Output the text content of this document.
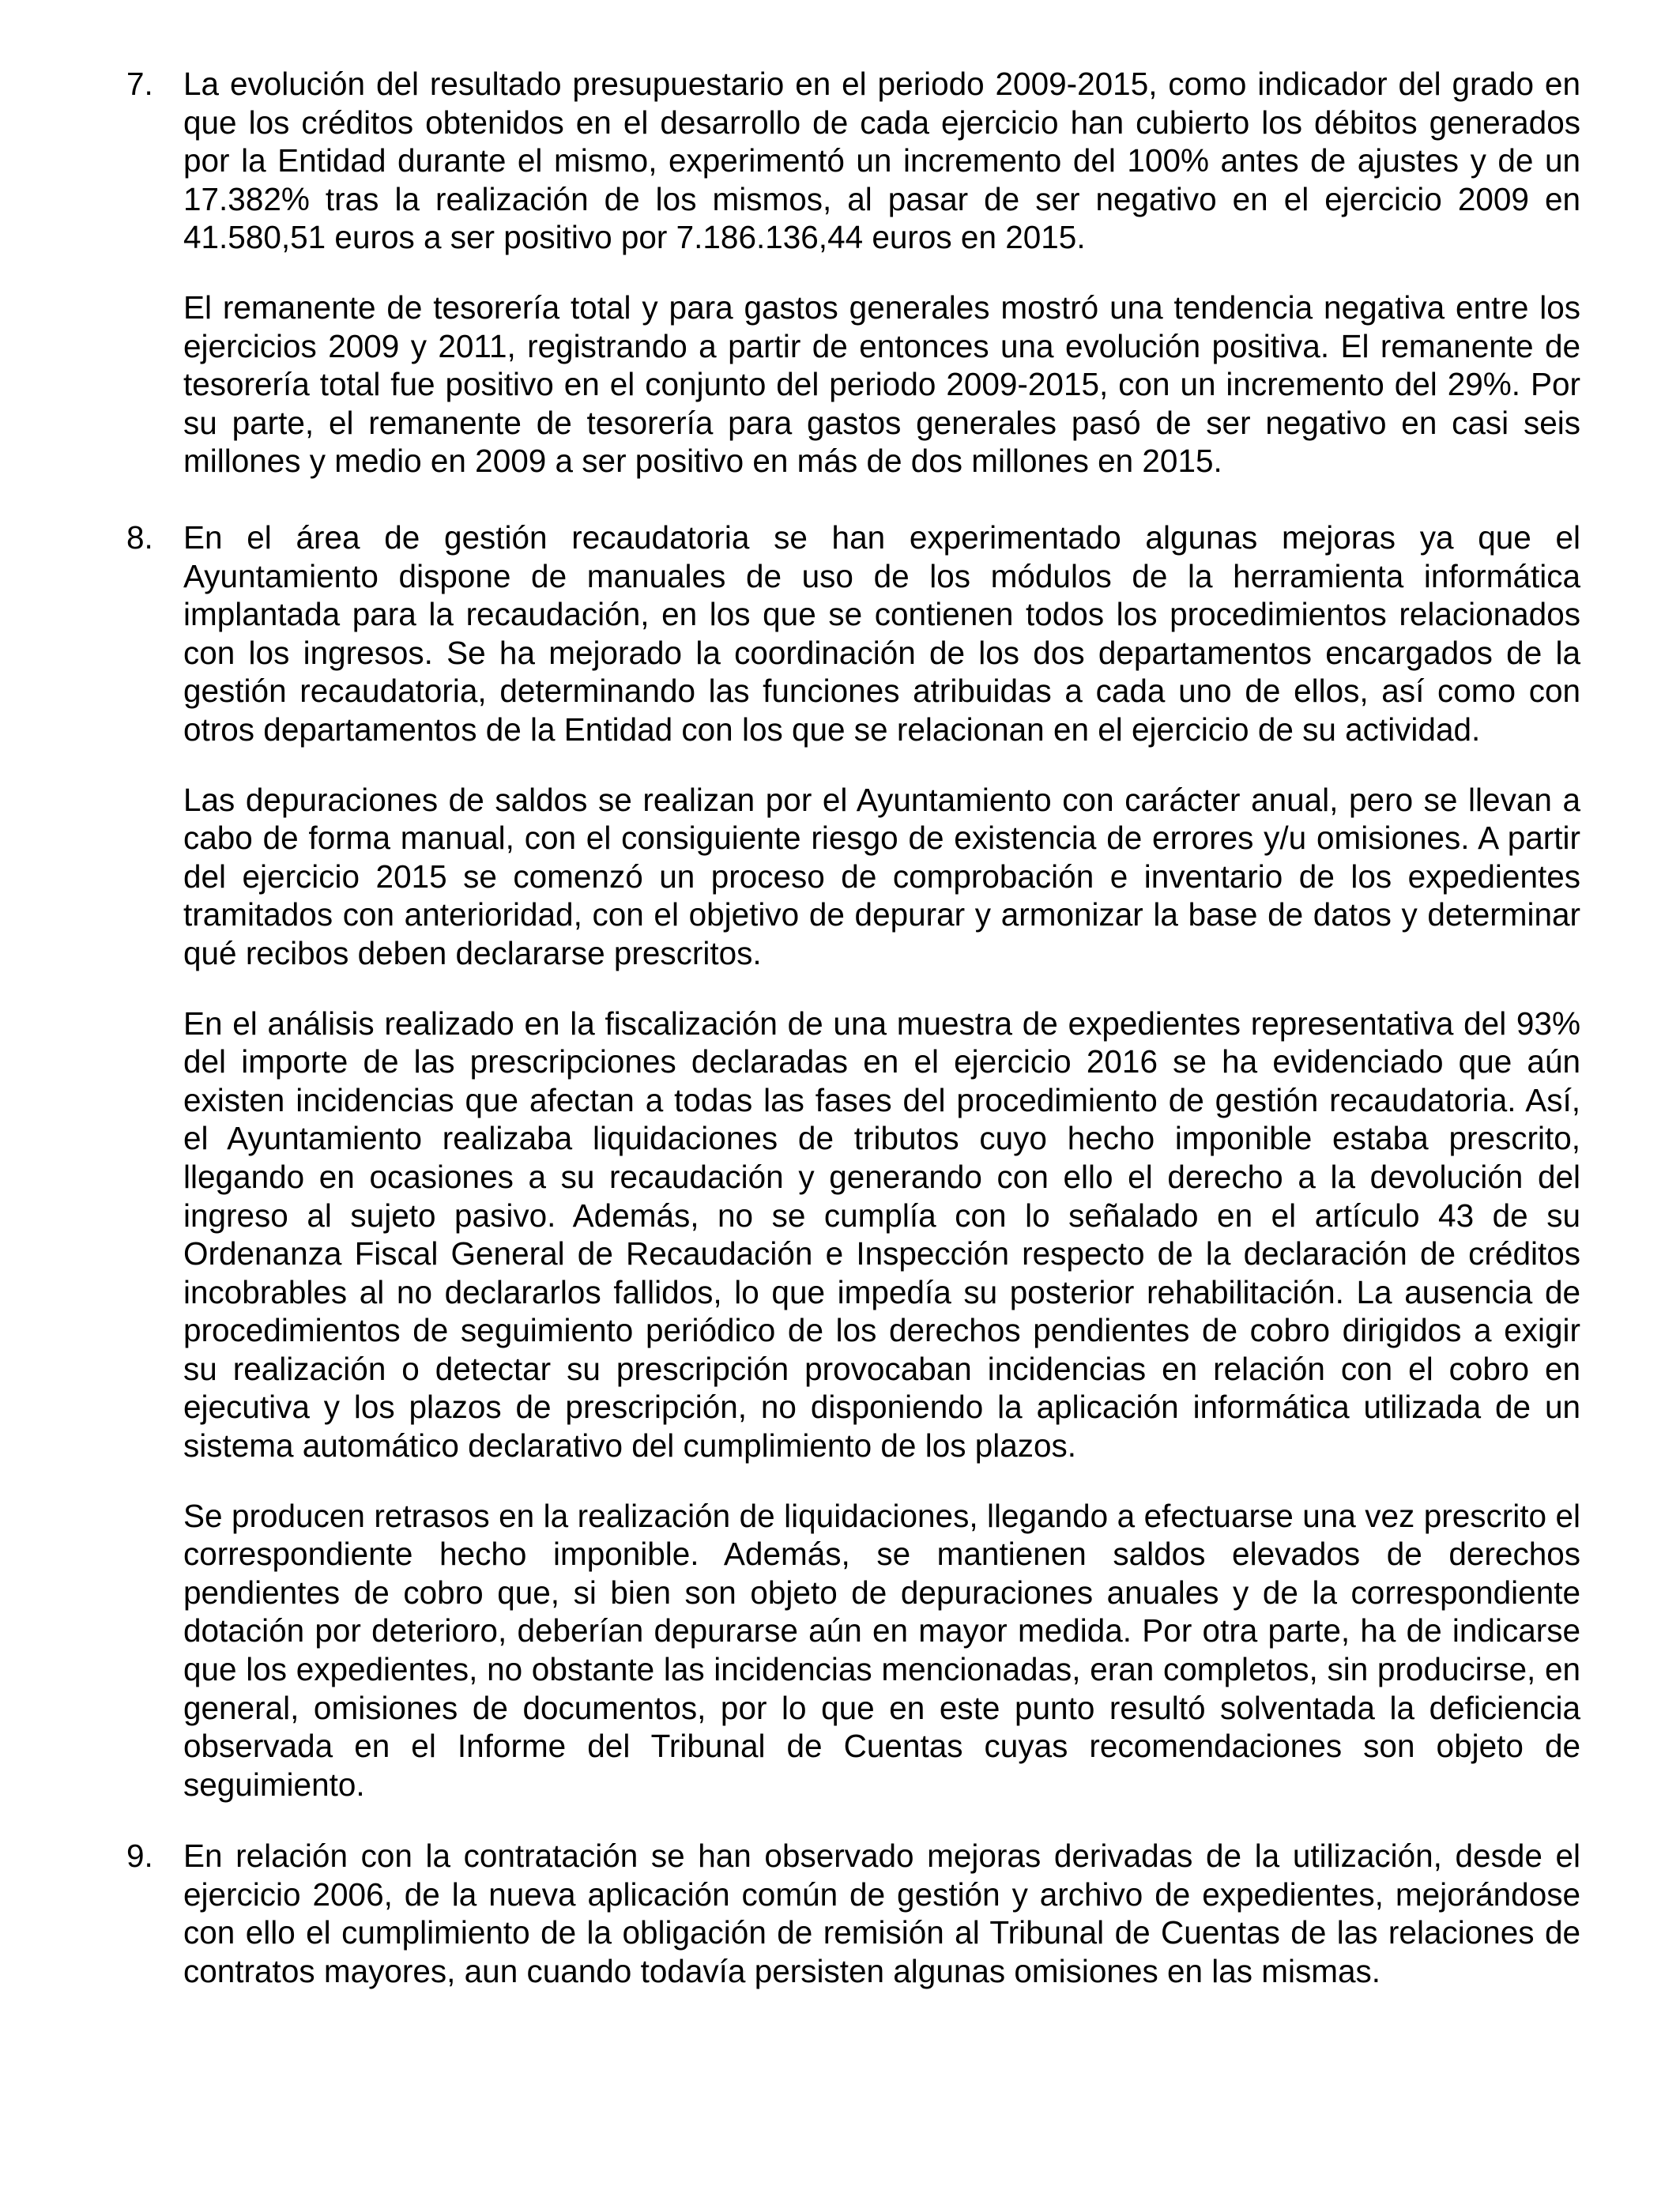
7. La evolución del resultado presupuestario en el periodo 2009-2015, como indicador del grado en que los créditos obtenidos en el desarrollo de cada ejercicio han cubierto los débitos generados por la Entidad durante el mismo, experimentó un incremento del 100% antes de ajustes y de un 17.382% tras la realización de los mismos, al pasar de ser negativo en el ejercicio 2009 en 41.580,51 euros a ser positivo por 7.186.136,44 euros en 2015.

El remanente de tesorería total y para gastos generales mostró una tendencia negativa entre los ejercicios 2009 y 2011, registrando a partir de entonces una evolución positiva. El remanente de tesorería total fue positivo en el conjunto del periodo 2009-2015, con un incremento del 29%. Por su parte, el remanente de tesorería para gastos generales pasó de ser negativo en casi seis millones y medio en 2009 a ser positivo en más de dos millones en 2015.

8. En el área de gestión recaudatoria se han experimentado algunas mejoras ya que el Ayuntamiento dispone de manuales de uso de los módulos de la herramienta informática implantada para la recaudación, en los que se contienen todos los procedimientos relacionados con los ingresos. Se ha mejorado la coordinación de los dos departamentos encargados de la gestión recaudatoria, determinando las funciones atribuidas a cada uno de ellos, así como con otros departamentos de la Entidad con los que se relacionan en el ejercicio de su actividad.

Las depuraciones de saldos se realizan por el Ayuntamiento con carácter anual, pero se llevan a cabo de forma manual, con el consiguiente riesgo de existencia de errores y/u omisiones. A partir del ejercicio 2015 se comenzó un proceso de comprobación e inventario de los expedientes tramitados con anterioridad, con el objetivo de depurar y armonizar la base de datos y determinar qué recibos deben declararse prescritos.

En el análisis realizado en la fiscalización de una muestra de expedientes representativa del 93% del importe de las prescripciones declaradas en el ejercicio 2016 se ha evidenciado que aún existen incidencias que afectan a todas las fases del procedimiento de gestión recaudatoria. Así, el Ayuntamiento realizaba liquidaciones de tributos cuyo hecho imponible estaba prescrito, llegando en ocasiones a su recaudación y generando con ello el derecho a la devolución del ingreso al sujeto pasivo. Además, no se cumplía con lo señalado en el artículo 43 de su Ordenanza Fiscal General de Recaudación e Inspección respecto de la declaración de créditos incobrables al no declararlos fallidos, lo que impedía su posterior rehabilitación. La ausencia de procedimientos de seguimiento periódico de los derechos pendientes de cobro dirigidos a exigir su realización o detectar su prescripción provocaban incidencias en relación con el cobro en ejecutiva y los plazos de prescripción, no disponiendo la aplicación informática utilizada de un sistema automático declarativo del cumplimiento de los plazos.

Se producen retrasos en la realización de liquidaciones, llegando a efectuarse una vez prescrito el correspondiente hecho imponible. Además, se mantienen saldos elevados de derechos pendientes de cobro que, si bien son objeto de depuraciones anuales y de la correspondiente dotación por deterioro, deberían depurarse aún en mayor medida. Por otra parte, ha de indicarse que los expedientes, no obstante las incidencias mencionadas, eran completos, sin producirse, en general, omisiones de documentos, por lo que en este punto resultó solventada la deficiencia observada en el Informe del Tribunal de Cuentas cuyas recomendaciones son objeto de seguimiento.

9. En relación con la contratación se han observado mejoras derivadas de la utilización, desde el ejercicio 2006, de la nueva aplicación común de gestión y archivo de expedientes, mejorándose con ello el cumplimiento de la obligación de remisión al Tribunal de Cuentas de las relaciones de contratos mayores, aun cuando todavía persisten algunas omisiones en las mismas.
